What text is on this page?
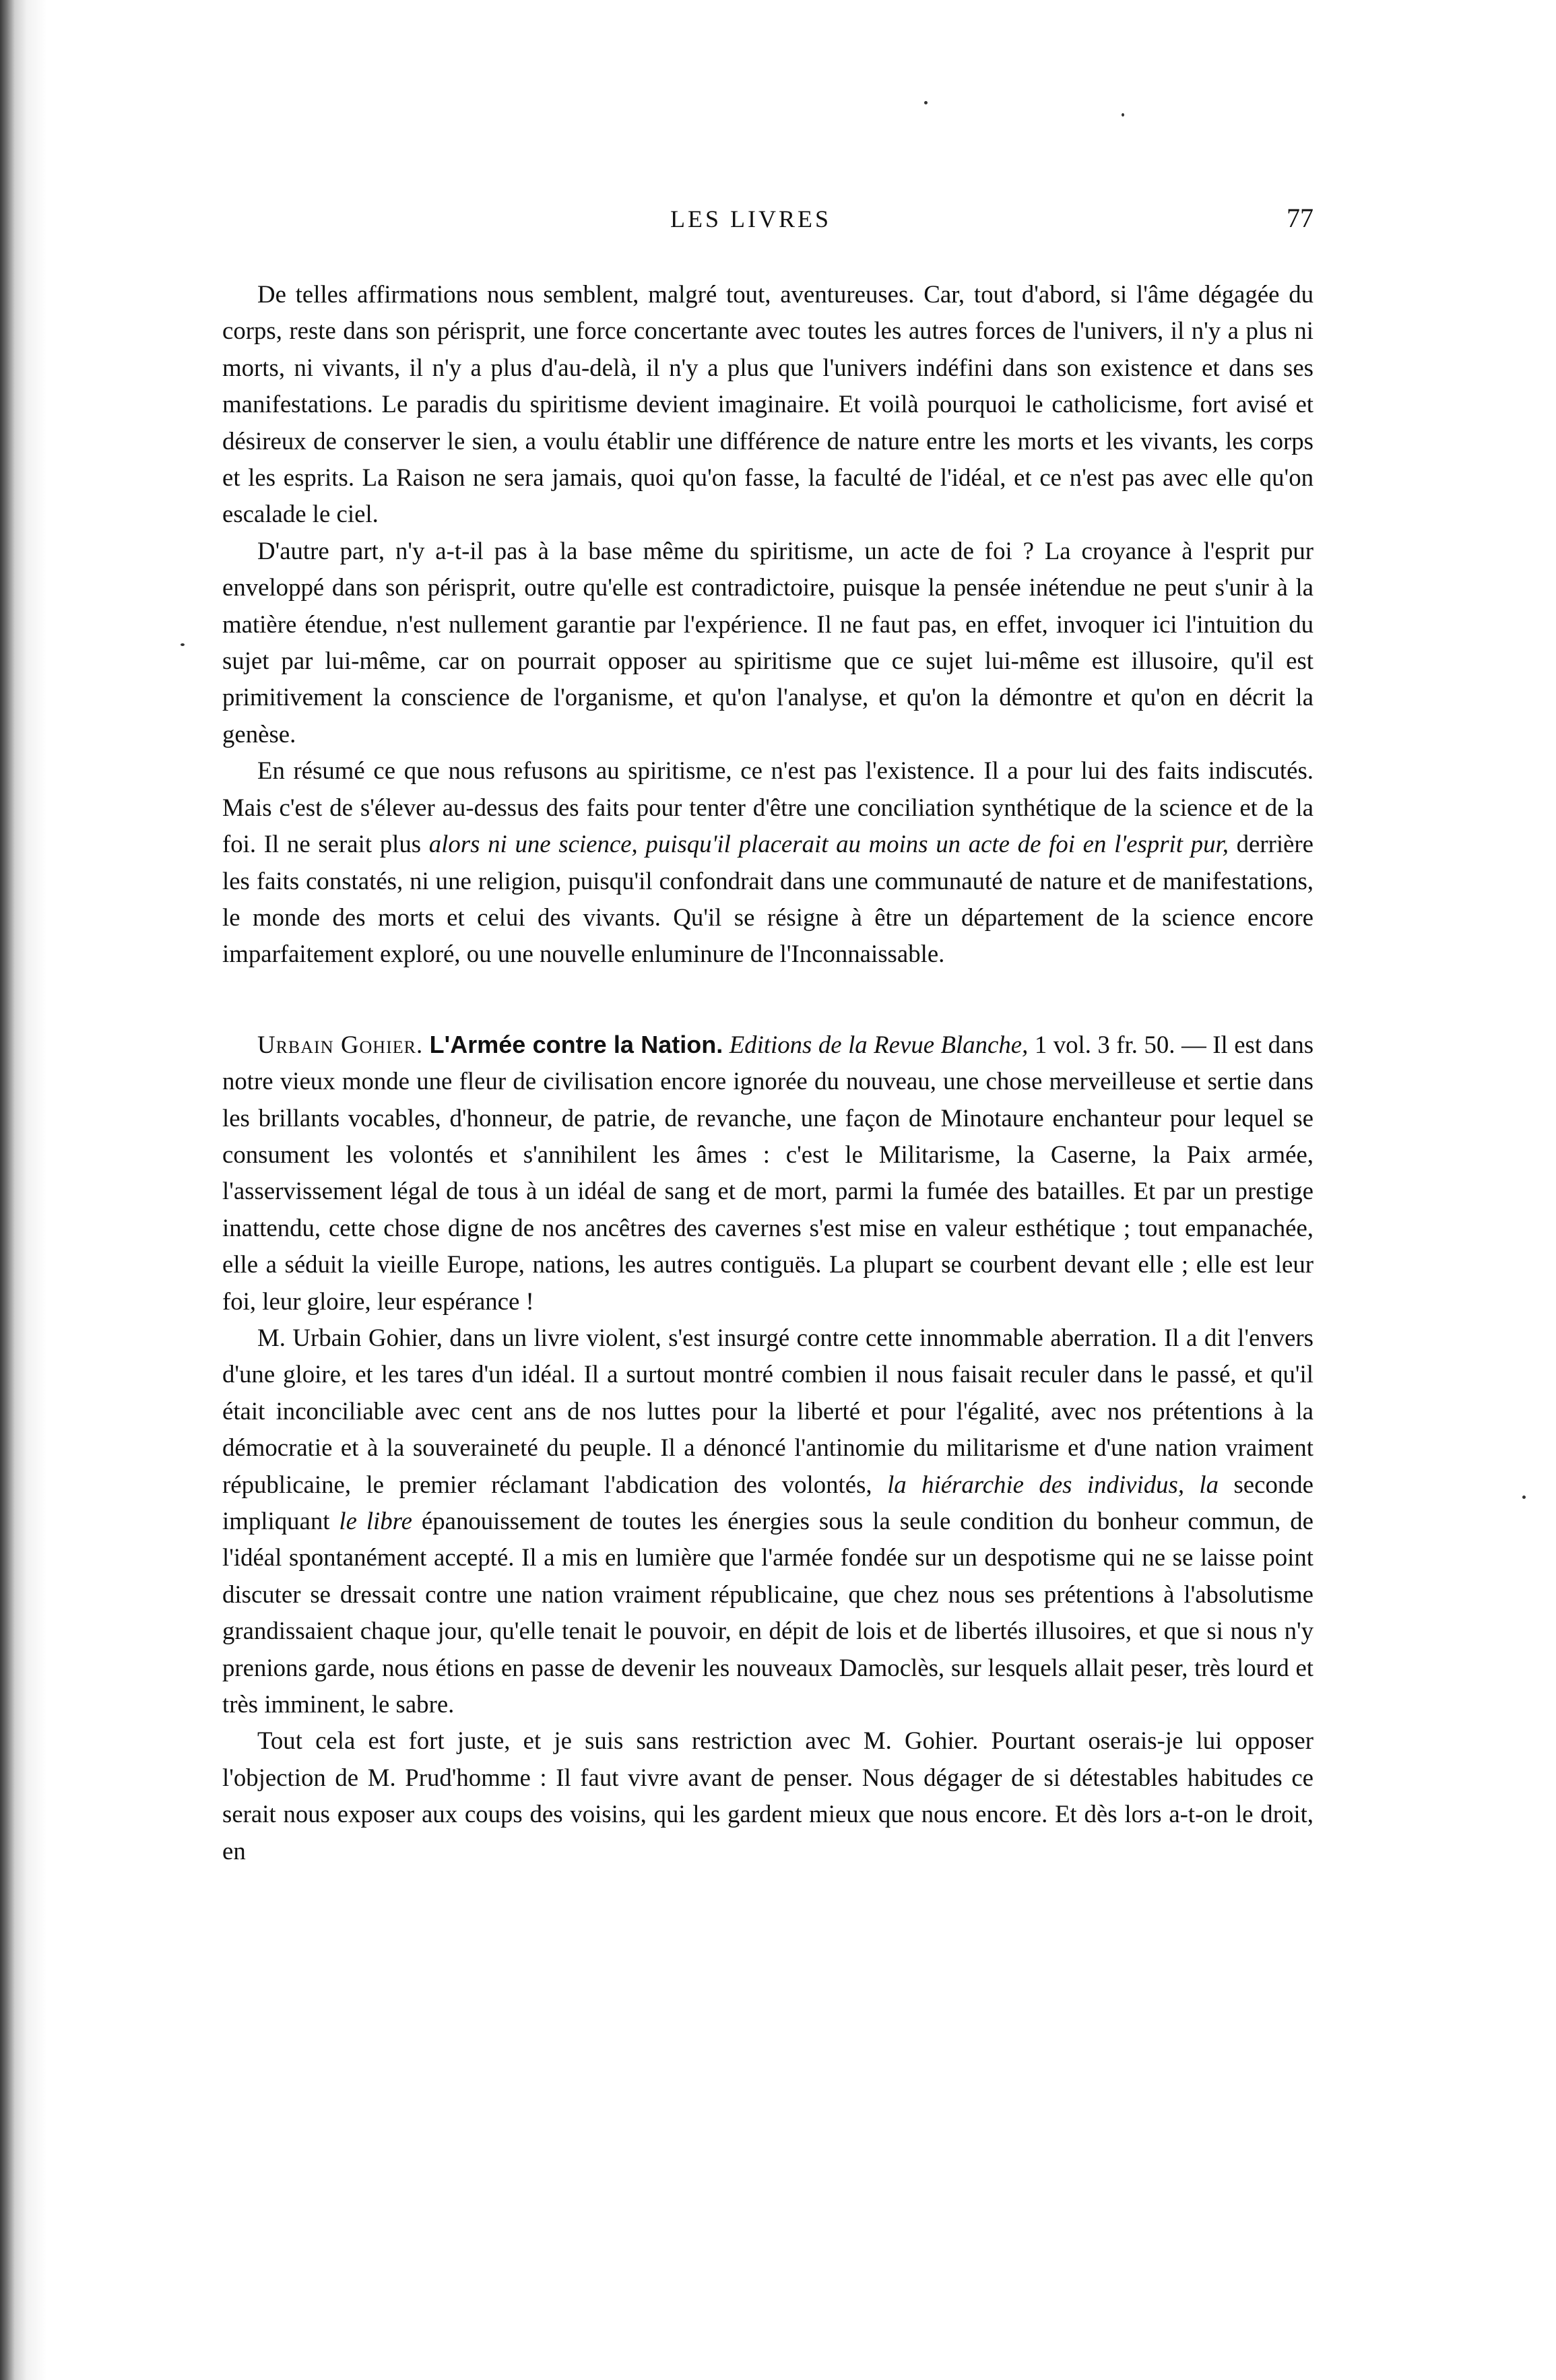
LES LIVRES	77

De telles affirmations nous semblent, malgré tout, aventureuses. Car, tout d'abord, si l'âme dégagée du corps, reste dans son périsprit, une force concertante avec toutes les autres forces de l'univers, il n'y a plus ni morts, ni vivants, il n'y a plus d'au-delà, il n'y a plus que l'univers indéfini dans son existence et dans ses manifestations. Le paradis du spiritisme devient imaginaire. Et voilà pourquoi le catholicisme, fort avisé et désireux de conserver le sien, a voulu établir une différence de nature entre les morts et les vivants, les corps et les esprits. La Raison ne sera jamais, quoi qu'on fasse, la faculté de l'idéal, et ce n'est pas avec elle qu'on escalade le ciel.

D'autre part, n'y a-t-il pas à la base même du spiritisme, un acte de foi ? La croyance à l'esprit pur enveloppé dans son périsprit, outre qu'elle est contradictoire, puisque la pensée inétendue ne peut s'unir à la matière étendue, n'est nullement garantie par l'expérience. Il ne faut pas, en effet, invoquer ici l'intuition du sujet par lui-même, car on pourrait opposer au spiritisme que ce sujet lui-même est illusoire, qu'il est primitivement la conscience de l'organisme, et qu'on l'analyse, et qu'on la démontre et qu'on en décrit la genèse.

En résumé ce que nous refusons au spiritisme, ce n'est pas l'existence. Il a pour lui des faits indiscutés. Mais c'est de s'élever au-dessus des faits pour tenter d'être une conciliation synthétique de la science et de la foi. Il ne serait plus alors ni une science, puisqu'il placerait au moins un acte de foi en l'esprit pur, derrière les faits constatés, ni une religion, puisqu'il confondrait dans une communauté de nature et de manifestations, le monde des morts et celui des vivants. Qu'il se résigne à être un département de la science encore imparfaitement exploré, ou une nouvelle enluminure de l'Inconnaissable.

Urbain Gohier. L'Armée contre la Nation. Editions de la Revue Blanche, 1 vol. 3 fr. 50. — Il est dans notre vieux monde une fleur de civilisation encore ignorée du nouveau, une chose merveilleuse et sertie dans les brillants vocables, d'honneur, de patrie, de revanche, une façon de Minotaure enchanteur pour lequel se consument les volontés et s'annihilent les âmes : c'est le Militarisme, la Caserne, la Paix armée, l'asservissement légal de tous à un idéal de sang et de mort, parmi la fumée des batailles. Et par un prestige inattendu, cette chose digne de nos ancêtres des cavernes s'est mise en valeur esthétique ; tout empanachée, elle a séduit la vieille Europe, nations, les autres contiguës. La plupart se courbent devant elle ; elle est leur foi, leur gloire, leur espérance !

M. Urbain Gohier, dans un livre violent, s'est insurgé contre cette innommable aberration. Il a dit l'envers d'une gloire, et les tares d'un idéal. Il a surtout montré combien il nous faisait reculer dans le passé, et qu'il était inconciliable avec cent ans de nos luttes pour la liberté et pour l'égalité, avec nos prétentions à la démocratie et à la souveraineté du peuple. Il a dénoncé l'antinomie du militarisme et d'une nation vraiment républicaine, le premier réclamant l'abdication des volontés, la hiérarchie des individus, la seconde impliquant le libre épanouissement de toutes les énergies sous la seule condition du bonheur commun, de l'idéal spontanément accepté. Il a mis en lumière que l'armée fondée sur un despotisme qui ne se laisse point discuter se dressait contre une nation vraiment républicaine, que chez nous ses prétentions à l'absolutisme grandissaient chaque jour, qu'elle tenait le pouvoir, en dépit de lois et de libertés illusoires, et que si nous n'y prenions garde, nous étions en passe de devenir les nouveaux Damoclès, sur lesquels allait peser, très lourd et très imminent, le sabre.

Tout cela est fort juste, et je suis sans restriction avec M. Gohier. Pourtant oserais-je lui opposer l'objection de M. Prud'homme : Il faut vivre avant de penser. Nous dégager de si détestables habitudes ce serait nous exposer aux coups des voisins, qui les gardent mieux que nous encore. Et dès lors a-t-on le droit, en
